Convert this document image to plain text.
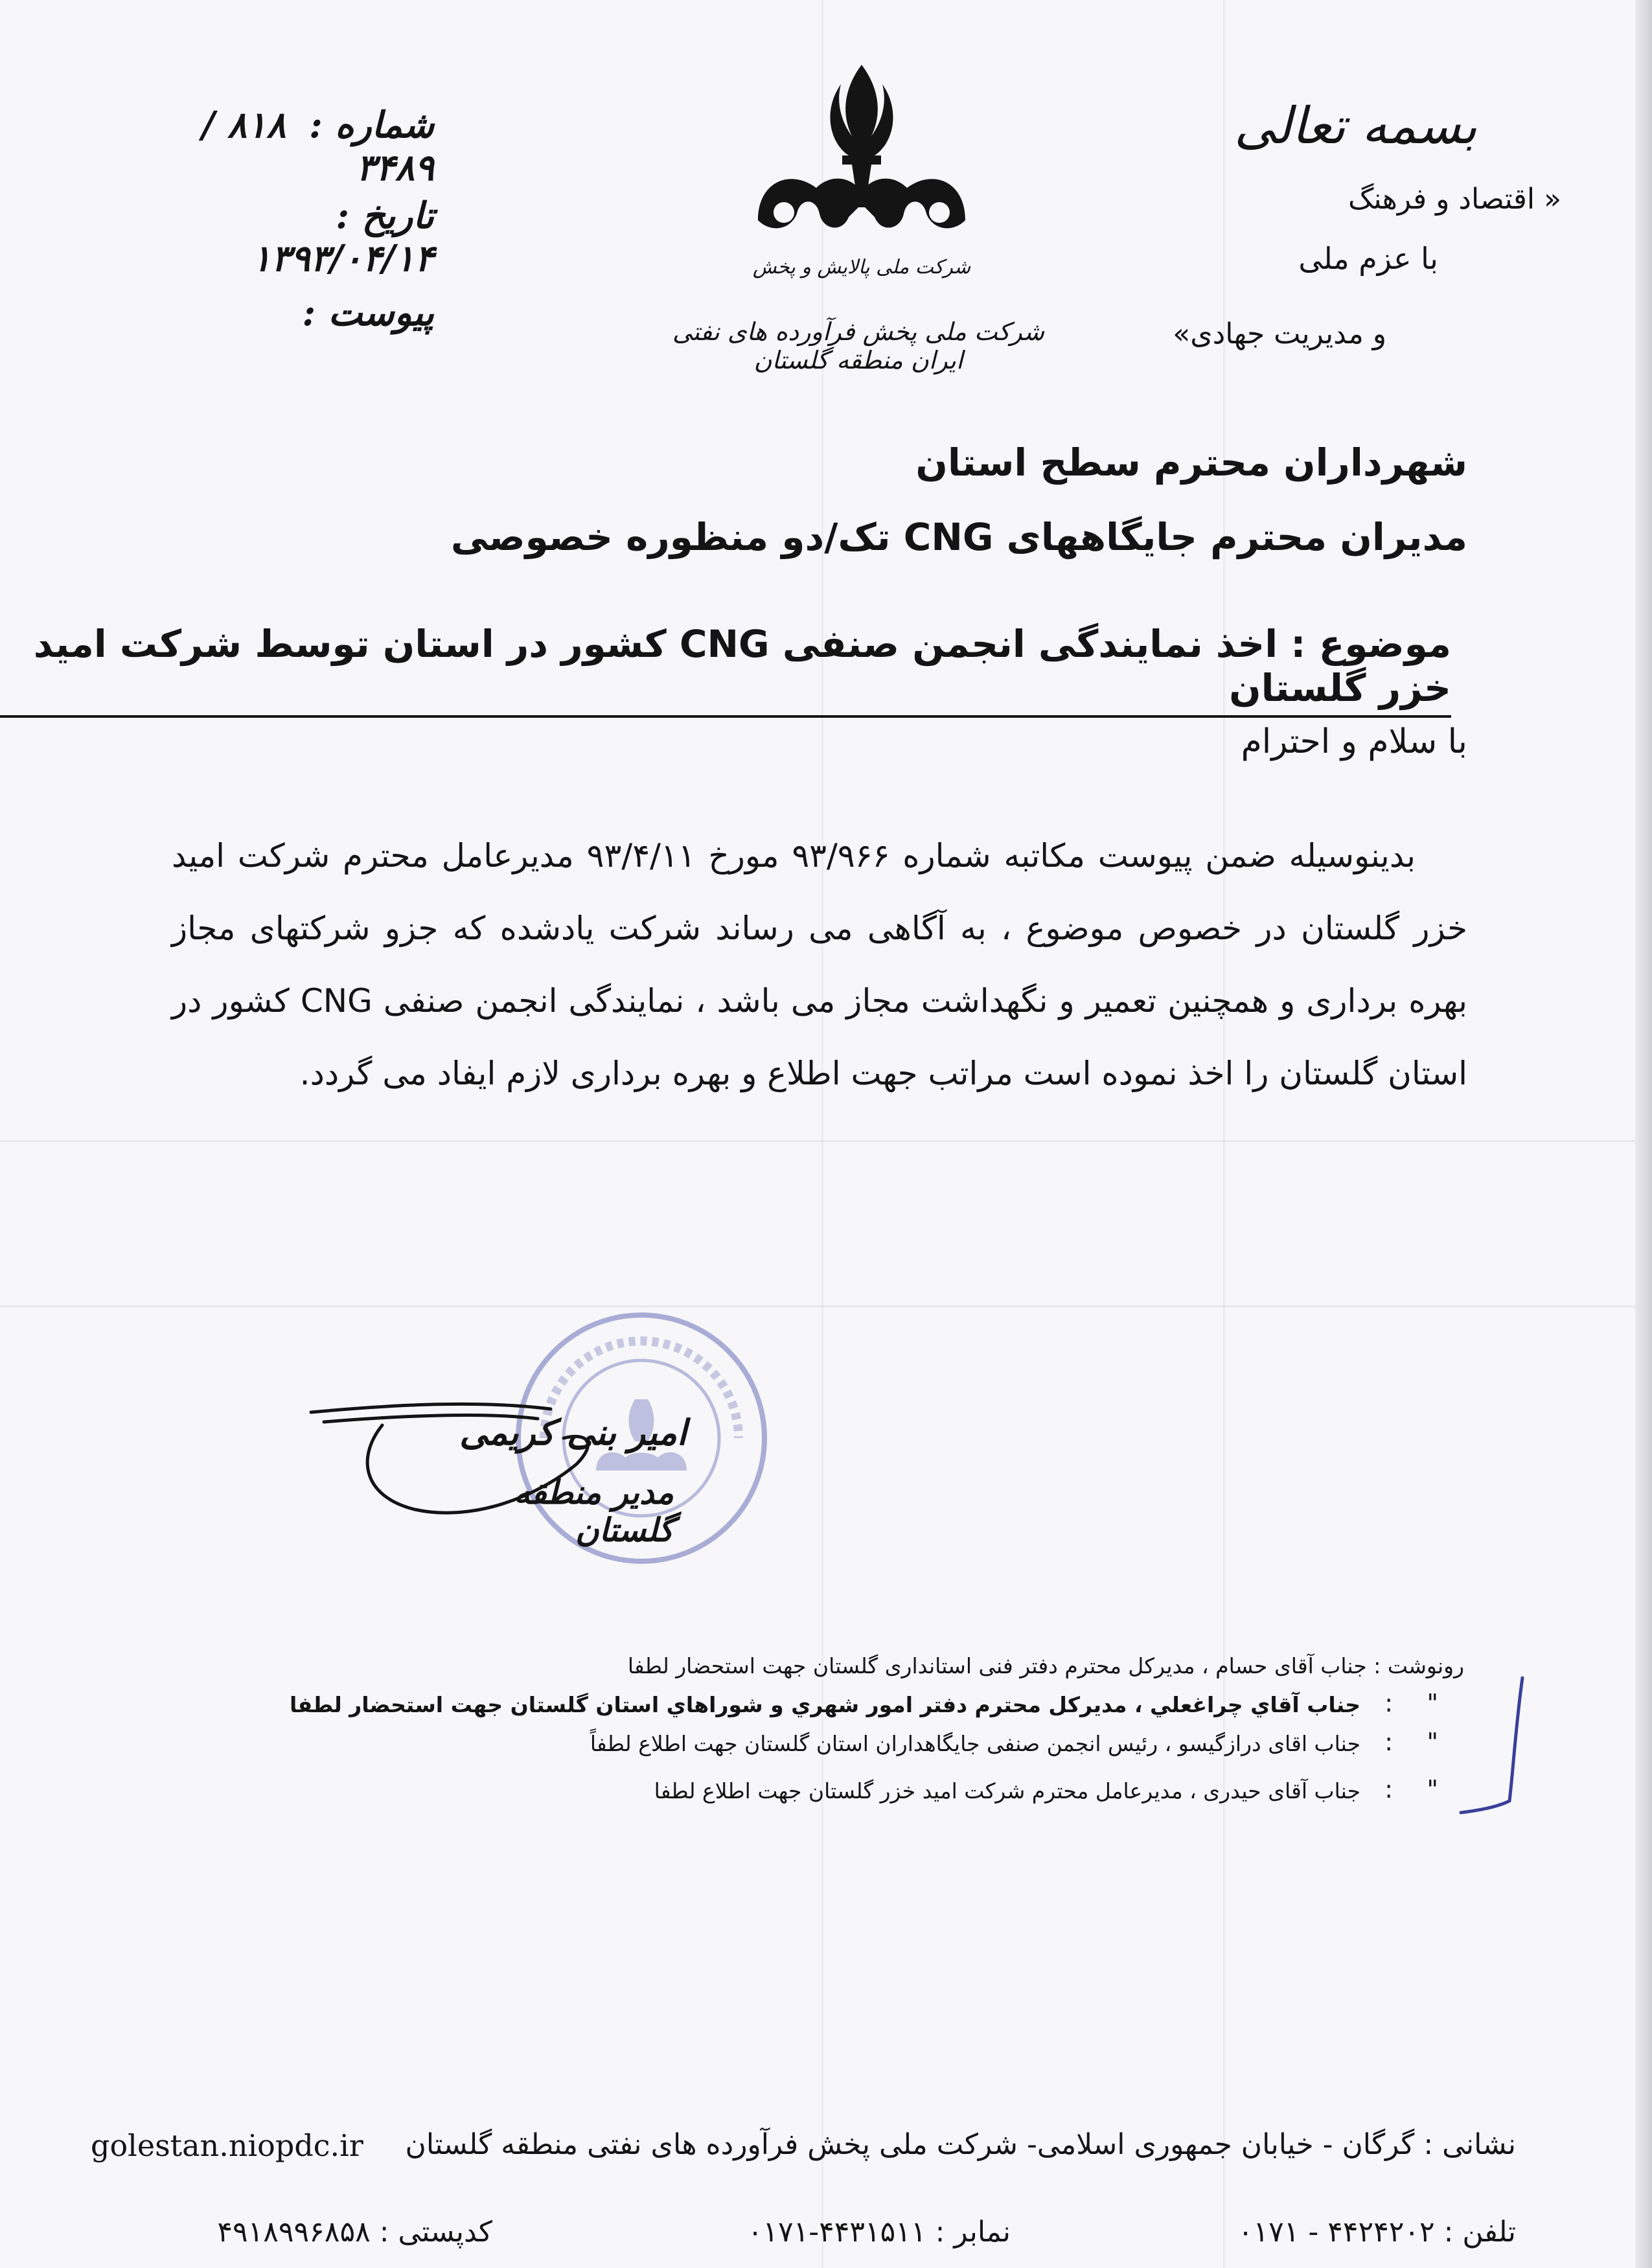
بسمه تعالی
« اقتصاد و فرهنگ
با عزم ملی
و مدیریت جهادی»
شماره : ۸۱۸ / ۳۴۸۹
تاریخ : ۱۳۹۳/۰۴/۱۴
پیوست :
شرکت ملی پالایش و پخش
شرکت ملی پخش فرآورده های نفتی ایران منطقه گلستان
شهرداران محترم سطح استان
مدیران محترم جایگاههای CNG تک/دو منظوره خصوصی
موضوع : اخذ نمایندگی انجمن صنفی CNG کشور در استان توسط شرکت امید خزر گلستان
با سلام و احترام
بدینوسیله ضمن پیوست مکاتبه شماره ۹۳/۹۶۶ مورخ ۹۳/۴/۱۱ مدیرعامل محترم شرکت امید خزر گلستان در خصوص موضوع ، به آگاهی می رساند شرکت یادشده که جزو شرکتهای مجاز بهره برداری و همچنین تعمیر و نگهداشت مجاز می باشد ، نمایندگی انجمن صنفی CNG کشور در استان گلستان را اخذ نموده است مراتب جهت اطلاع و بهره برداری لازم ایفاد می گردد.
امیر بنی کریمی
مدیر منطقه گلستان
رونوشت : جناب آقای حسام ، مدیرکل محترم دفتر فنی استانداری گلستان جهت استحضار لطفا
جناب آقاي چراغعلي ، مديركل محترم دفتر امور شهري و شوراهاي استان گلستان جهت استحضار لطفا
جناب اقای درازگیسو ، رئیس انجمن صنفی جایگاهداران استان گلستان جهت اطلاع لطفاً
جناب آقای حیدری ، مدیرعامل محترم شرکت امید خزر گلستان جهت اطلاع لطفا
"
"
"
:
:
:
نشانی : گرگان - خیابان جمهوری اسلامی- شرکت ملی پخش فرآورده های نفتی منطقه گلستان
golestan.niopdc.ir
تلفن : ۴۴۲۴۲۰۲ - ۰۱۷۱
نمابر : ۴۴۳۱۵۱۱-۰۱۷۱
کدپستی : ۴۹۱۸۹۹۶۸۵۸
